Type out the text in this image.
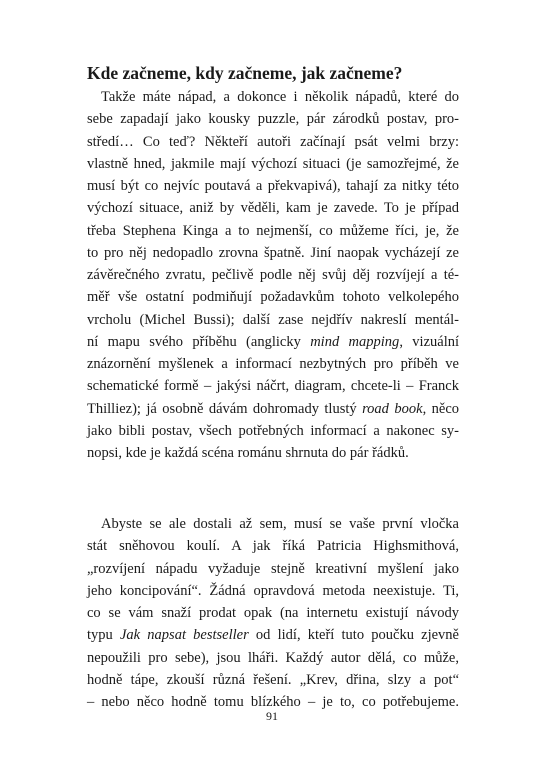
Kde začneme, kdy začneme, jak začneme?
Takže máte nápad, a dokonce i několik nápadů, které do
sebe zapadají jako kousky puzzle, pár zárodků postav, pro-
středí… Co teď? Někteří autoři začínají psát velmi brzy:
vlastně hned, jakmile mají výchozí situaci (je samozřejmé, že
musí být co nejvíc poutavá a překvapivá), tahají za nitky této
výchozí situace, aniž by věděli, kam je zavede. To je případ
třeba Stephena Kinga a to nejmenší, co můžeme říci, je, že
to pro něj nedopadlo zrovna špatně. Jiní naopak vycházejí ze
závěrečného zvratu, pečlivě podle něj svůj děj rozvíjejí a té-
měř vše ostatní podmiňují požadavkům tohoto velkolepého
vrcholu (Michel Bussi); další zase nejdřív nakreslí mentál-
ní mapu svého příběhu (anglicky mind mapping, vizuální
znázornění myšlenek a informací nezbytných pro příběh ve
schematické formě – jakýsi náčrt, diagram, chcete-li – Franck
Thilliez); já osobně dávám dohromady tlustý road book, něco
jako bibli postav, všech potřebných informací a nakonec sy-
nopsi, kde je každá scéna románu shrnuta do pár řádků.
Abyste se ale dostali až sem, musí se vaše první vločka
stát sněhovou koulí. A jak říká Patricia Highsmithová,
„rozvíjení nápadu vyžaduje stejně kreativní myšlení jako
jeho koncipování“. Žádná opravdová metoda neexistuje. Ti,
co se vám snaží prodat opak (na internetu existují návody
typu Jak napsat bestseller od lidí, kteří tuto poučku zjevně
nepoužili pro sebe), jsou lháři. Každý autor dělá, co může,
hodně tápe, zkouší různá řešení. „Krev, dřina, slzy a pot“
– nebo něco hodně tomu blízkého – je to, co potřebujeme.
91
